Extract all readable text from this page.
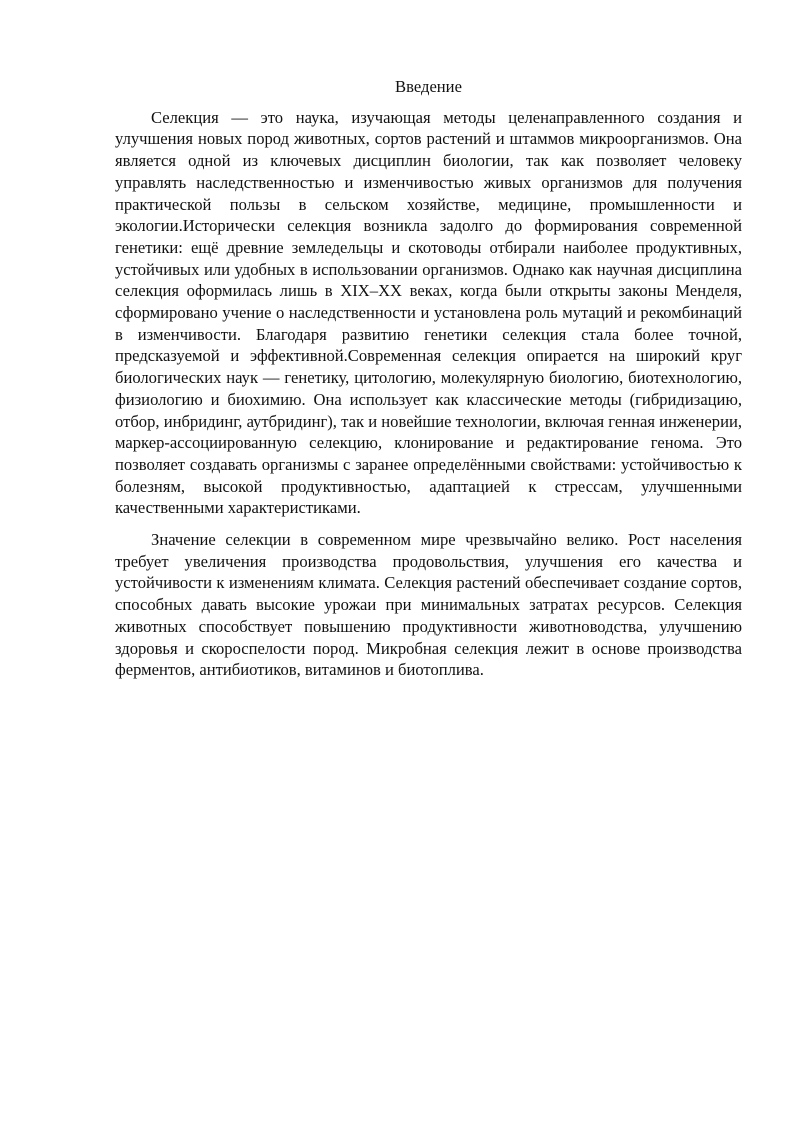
Введение

Селекция — это наука, изучающая методы целенаправленного создания и улучшения новых пород животных, сортов растений и штаммов микроорганизмов. Она является одной из ключевых дисциплин биологии, так как позволяет человеку управлять наследственностью и изменчивостью живых организмов для получения практической пользы в сельском хозяйстве, медицине, промышленности и экологии.Исторически селекция возникла задолго до формирования современной генетики: ещё древние земледельцы и скотоводы отбирали наиболее продуктивных, устойчивых или удобных в использовании организмов. Однако как научная дисциплина селекция оформилась лишь в XIX–XX веках, когда были открыты законы Менделя, сформировано учение о наследственности и установлена роль мутаций и рекомбинаций в изменчивости. Благодаря развитию генетики селекция стала более точной, предсказуемой и эффективной.Современная селекция опирается на широкий круг биологических наук — генетику, цитологию, молекулярную биологию, биотехнологию, физиологию и биохимию. Она использует как классические методы (гибридизацию, отбор, инбридинг, аутбридинг), так и новейшие технологии, включая генная инженерии, маркер-ассоциированную селекцию, клонирование и редактирование генома. Это позволяет создавать организмы с заранее определёнными свойствами: устойчивостью к болезням, высокой продуктивностью, адаптацией к стрессам, улучшенными качественными характеристиками.

Значение селекции в современном мире чрезвычайно велико. Рост населения требует увеличения производства продовольствия, улучшения его качества и устойчивости к изменениям климата. Селекция растений обеспечивает создание сортов, способных давать высокие урожаи при минимальных затратах ресурсов. Селекция животных способствует повышению продуктивности животноводства, улучшению здоровья и скороспелости пород. Микробная селекция лежит в основе производства ферментов, антибиотиков, витаминов и биотоплива.
